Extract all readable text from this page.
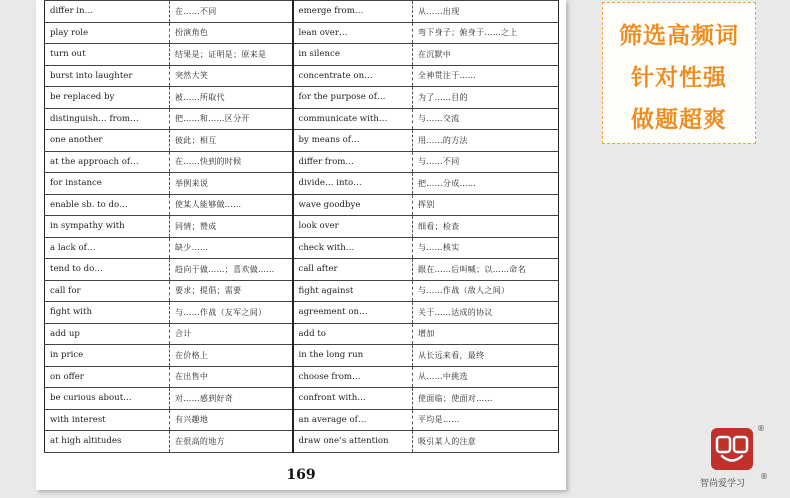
differ in…	在……不同	emerge from…	从……出现
play role	扮演角色	lean over…	弯下身子；俯身于……之上
turn out	结果是；证明是；原来是	in silence	在沉默中
burst into laughter	突然大笑	concentrate on…	全神贯注于……
be replaced by	被……所取代	for the purpose of…	为了……目的
distinguish… from…	把……和……区分开	communicate with…	与……交流
one another	彼此；相互	by means of…	用……的方法
at the approach of…	在……快到的时候	differ from…	与……不同
for instance	举例来说	divide… into…	把……分成……
enable sb. to do…	使某人能够做……	wave goodbye	挥别
in sympathy with	同情；赞成	look over	细看；检查
a lack of…	缺少……	check with…	与……核实
tend to do…	趋向于做……；喜欢做……	call after	跟在……后叫喊；以……命名
call for	要求；提倡；需要	fight against	与……作战（敌人之间）
fight with	与……作战（友军之间）	agreement on…	关于……达成的协议
add up	合计	add to	增加
in price	在价格上	in the long run	从长远来看，最终
on offer	在出售中	choose from…	从……中挑选
be curious about…	对……感到好奇	confront with…	使面临；使面对……
with interest	有兴趣地	an average of…	平均是……
at high altitudes	在很高的地方	draw one’s attention	吸引某人的注意
169
筛选高频词
针对性强
做题超爽
®
智尚爱学习
®
